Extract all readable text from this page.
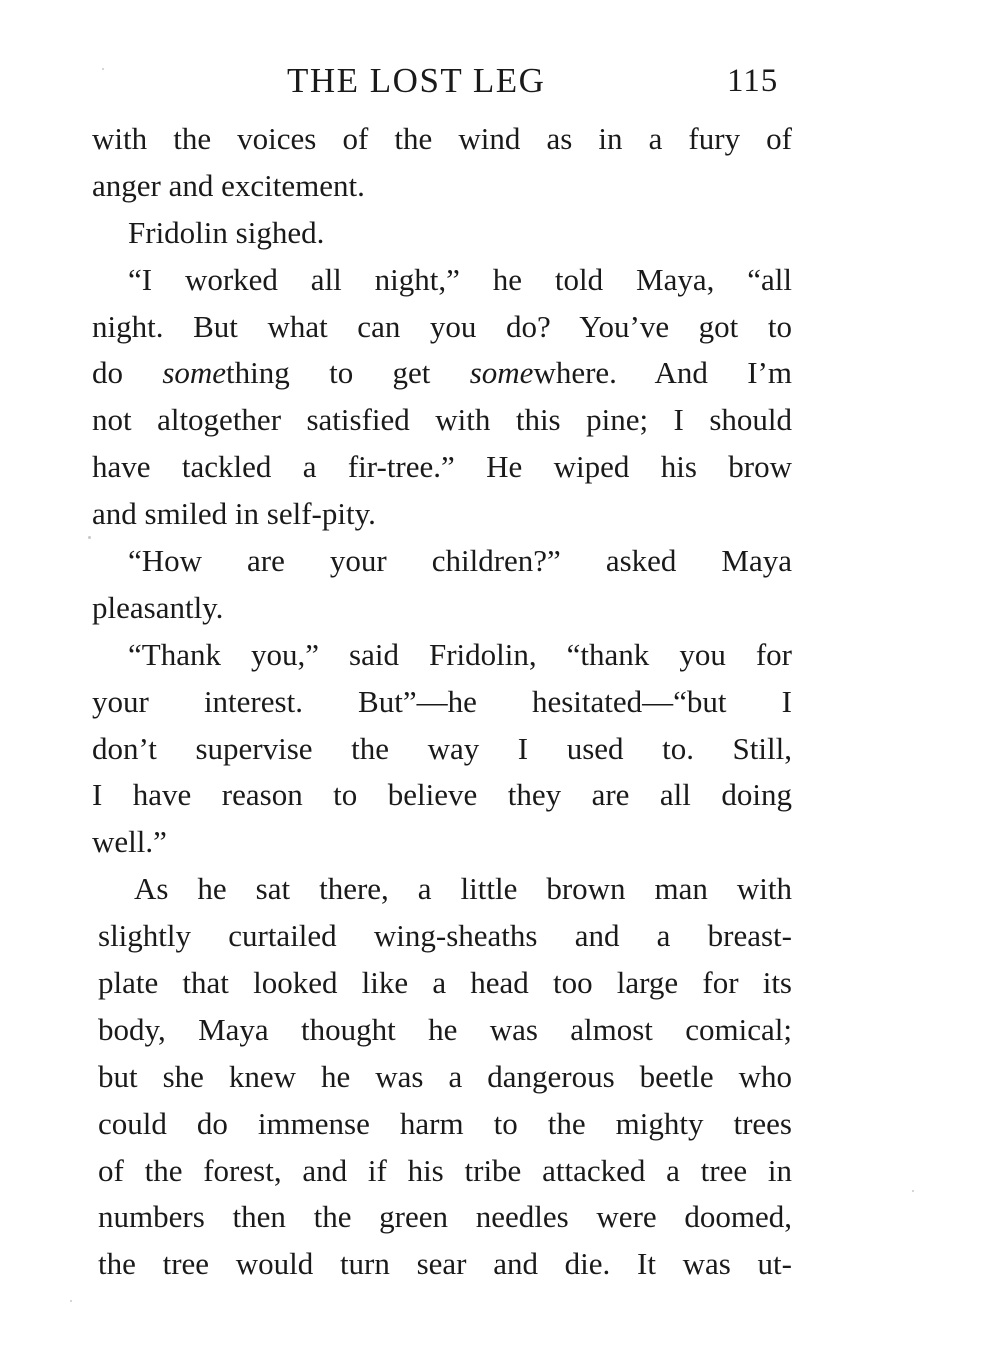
THE LOST LEG	115
with the voices of the wind as in a fury of
anger and excitement.
Fridolin sighed.
“I worked all night,” he told Maya, “all
night. But what can you do? You’ve got to
do something to get somewhere. And I’m
not altogether satisfied with this pine; I should
have tackled a fir-tree.” He wiped his brow
and smiled in self-pity.
“How are your children?” asked Maya
pleasantly.
“Thank you,” said Fridolin, “thank you for
your interest. But”—he hesitated—“but I
don’t supervise the way I used to. Still,
I have reason to believe they are all doing
well.”
As he sat there, a little brown man with
slightly curtailed wing-sheaths and a breast-
plate that looked like a head too large for its
body, Maya thought he was almost comical;
but she knew he was a dangerous beetle who
could do immense harm to the mighty trees
of the forest, and if his tribe attacked a tree in
numbers then the green needles were doomed,
the tree would turn sear and die. It was ut-
